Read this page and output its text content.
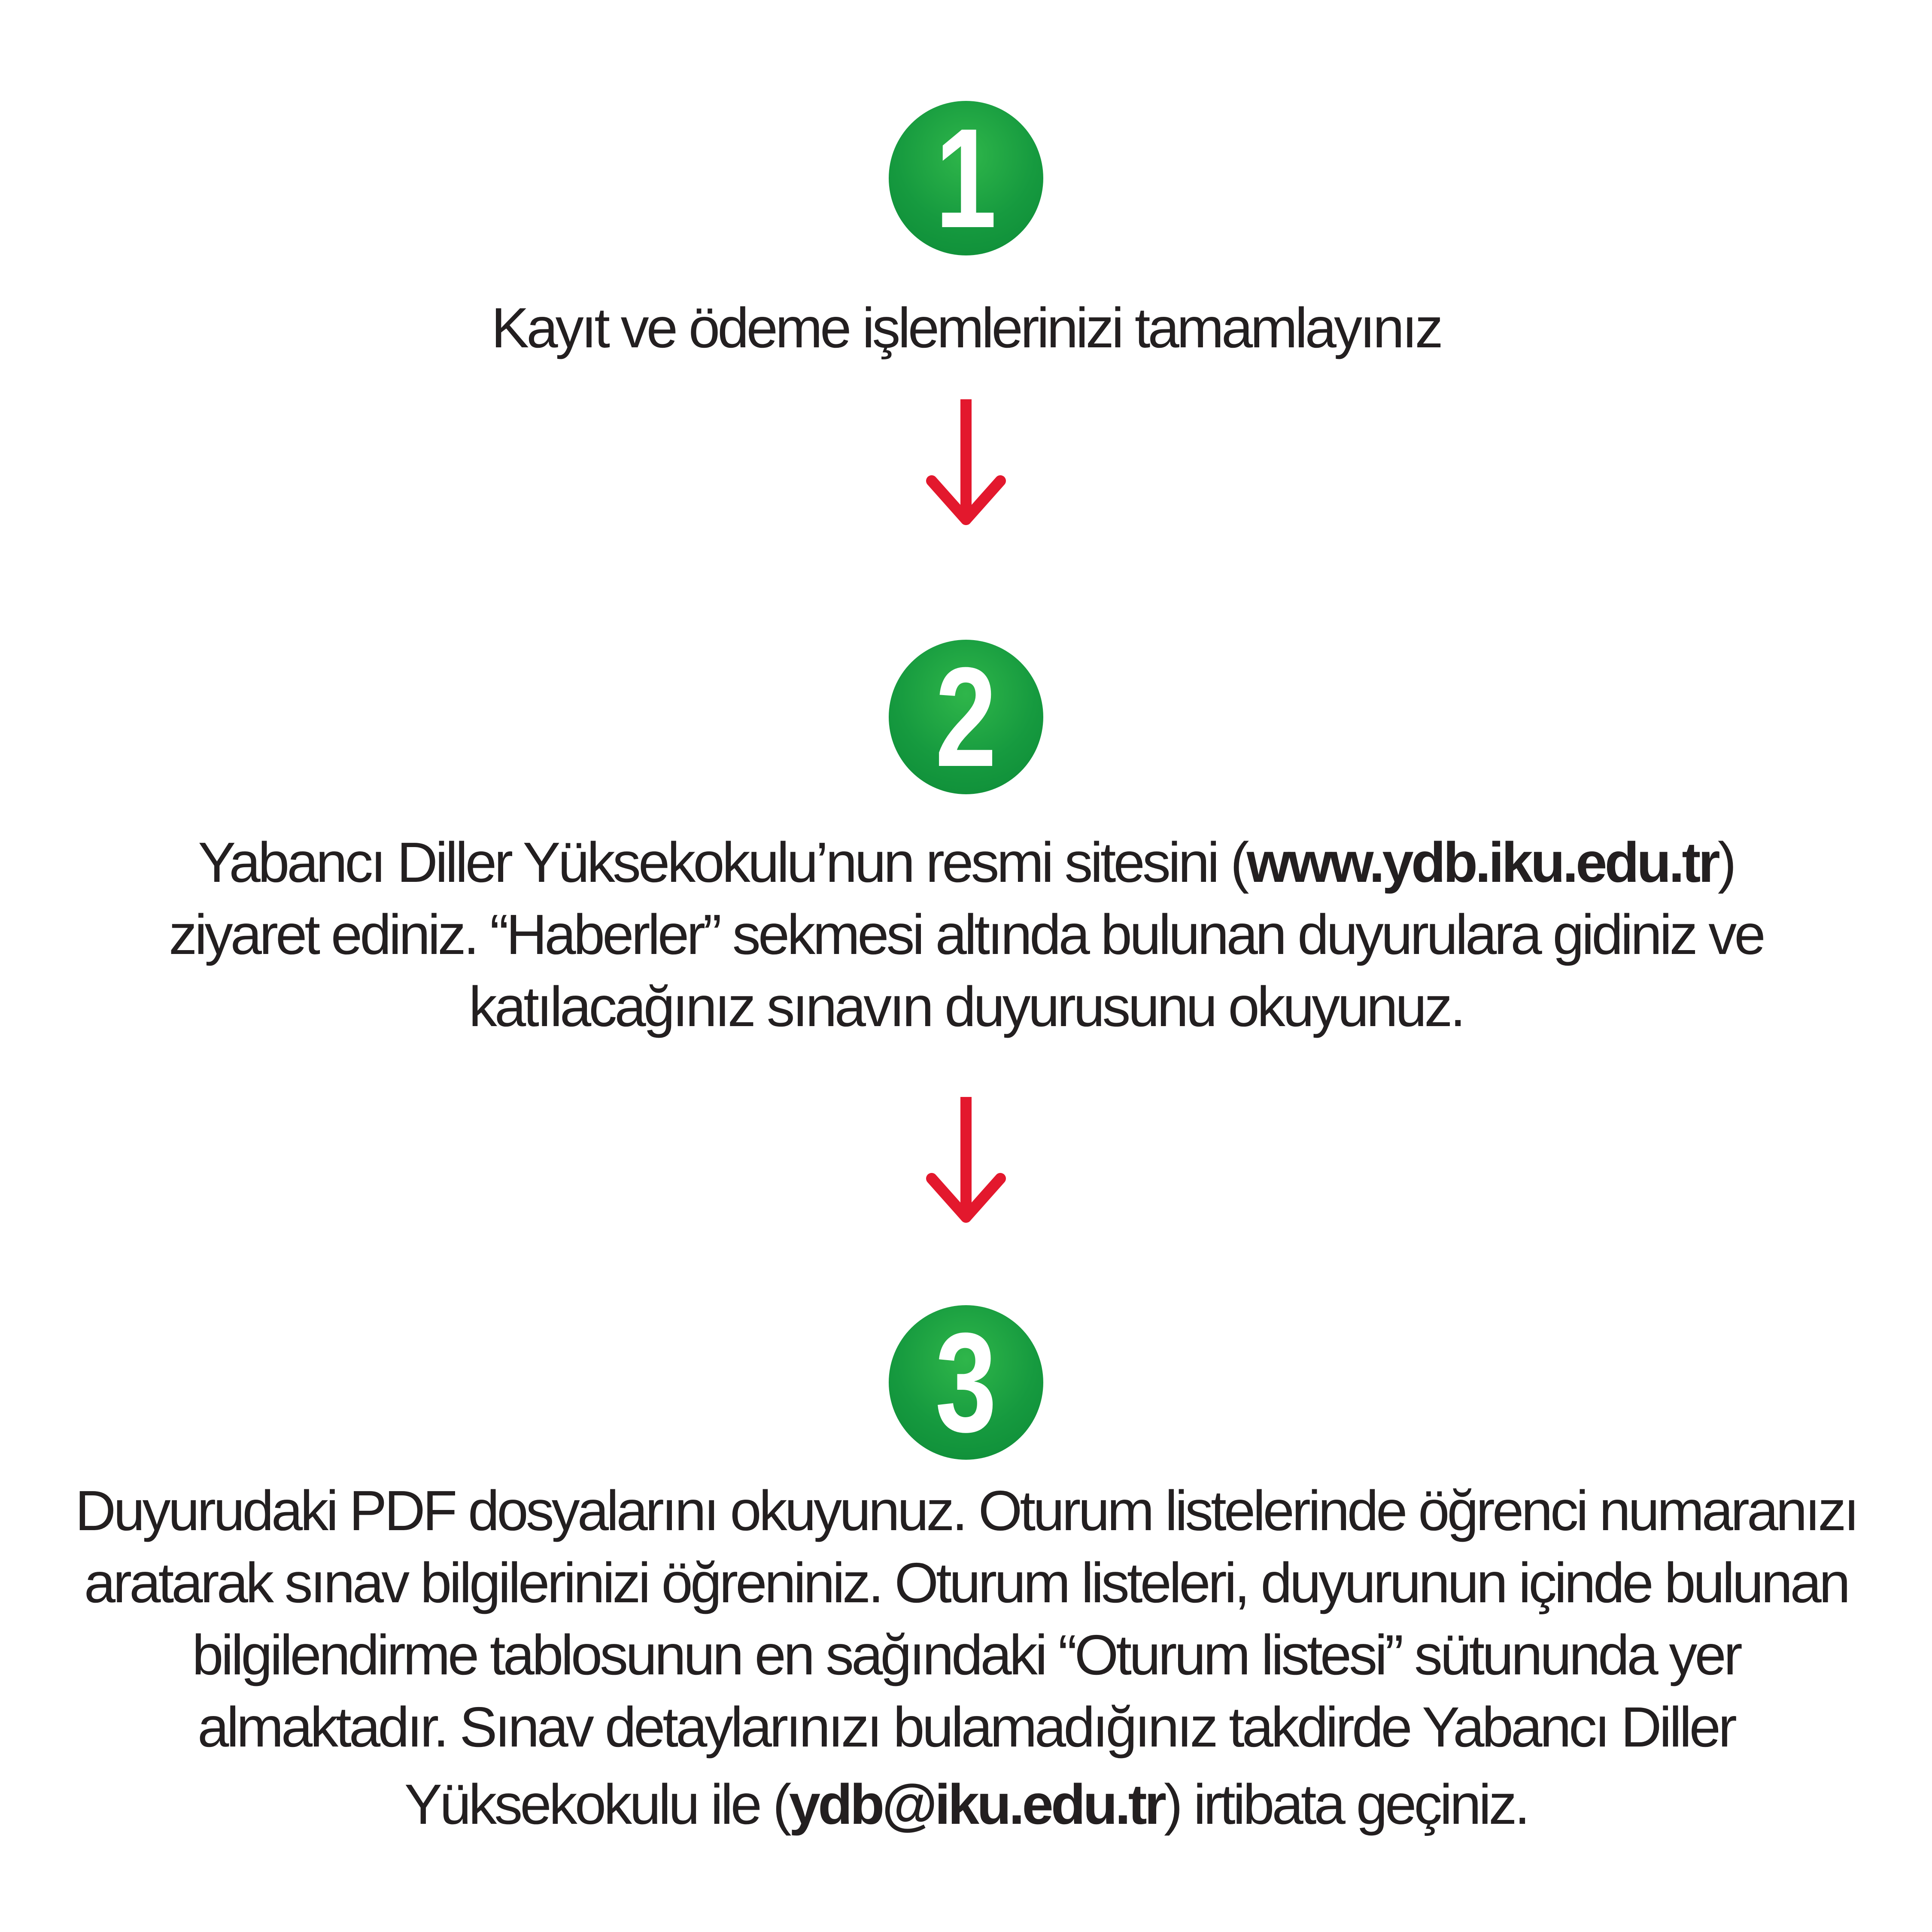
1
Kayıt ve ödeme işlemlerinizi tamamlayınız
2
Yabancı Diller Yüksekokulu’nun resmi sitesini (www.ydb.iku.edu.tr)
ziyaret ediniz. “Haberler” sekmesi altında bulunan duyurulara gidiniz ve
katılacağınız sınavın duyurusunu okuyunuz.
3
Duyurudaki PDF dosyalarını okuyunuz. Oturum listelerinde öğrenci numaranızı
aratarak sınav bilgilerinizi öğreniniz. Oturum listeleri, duyurunun içinde bulunan
bilgilendirme tablosunun en sağındaki “Oturum listesi” sütununda yer
almaktadır. Sınav detaylarınızı bulamadığınız takdirde Yabancı Diller
Yüksekokulu ile (ydb@iku.edu.tr) irtibata geçiniz.
